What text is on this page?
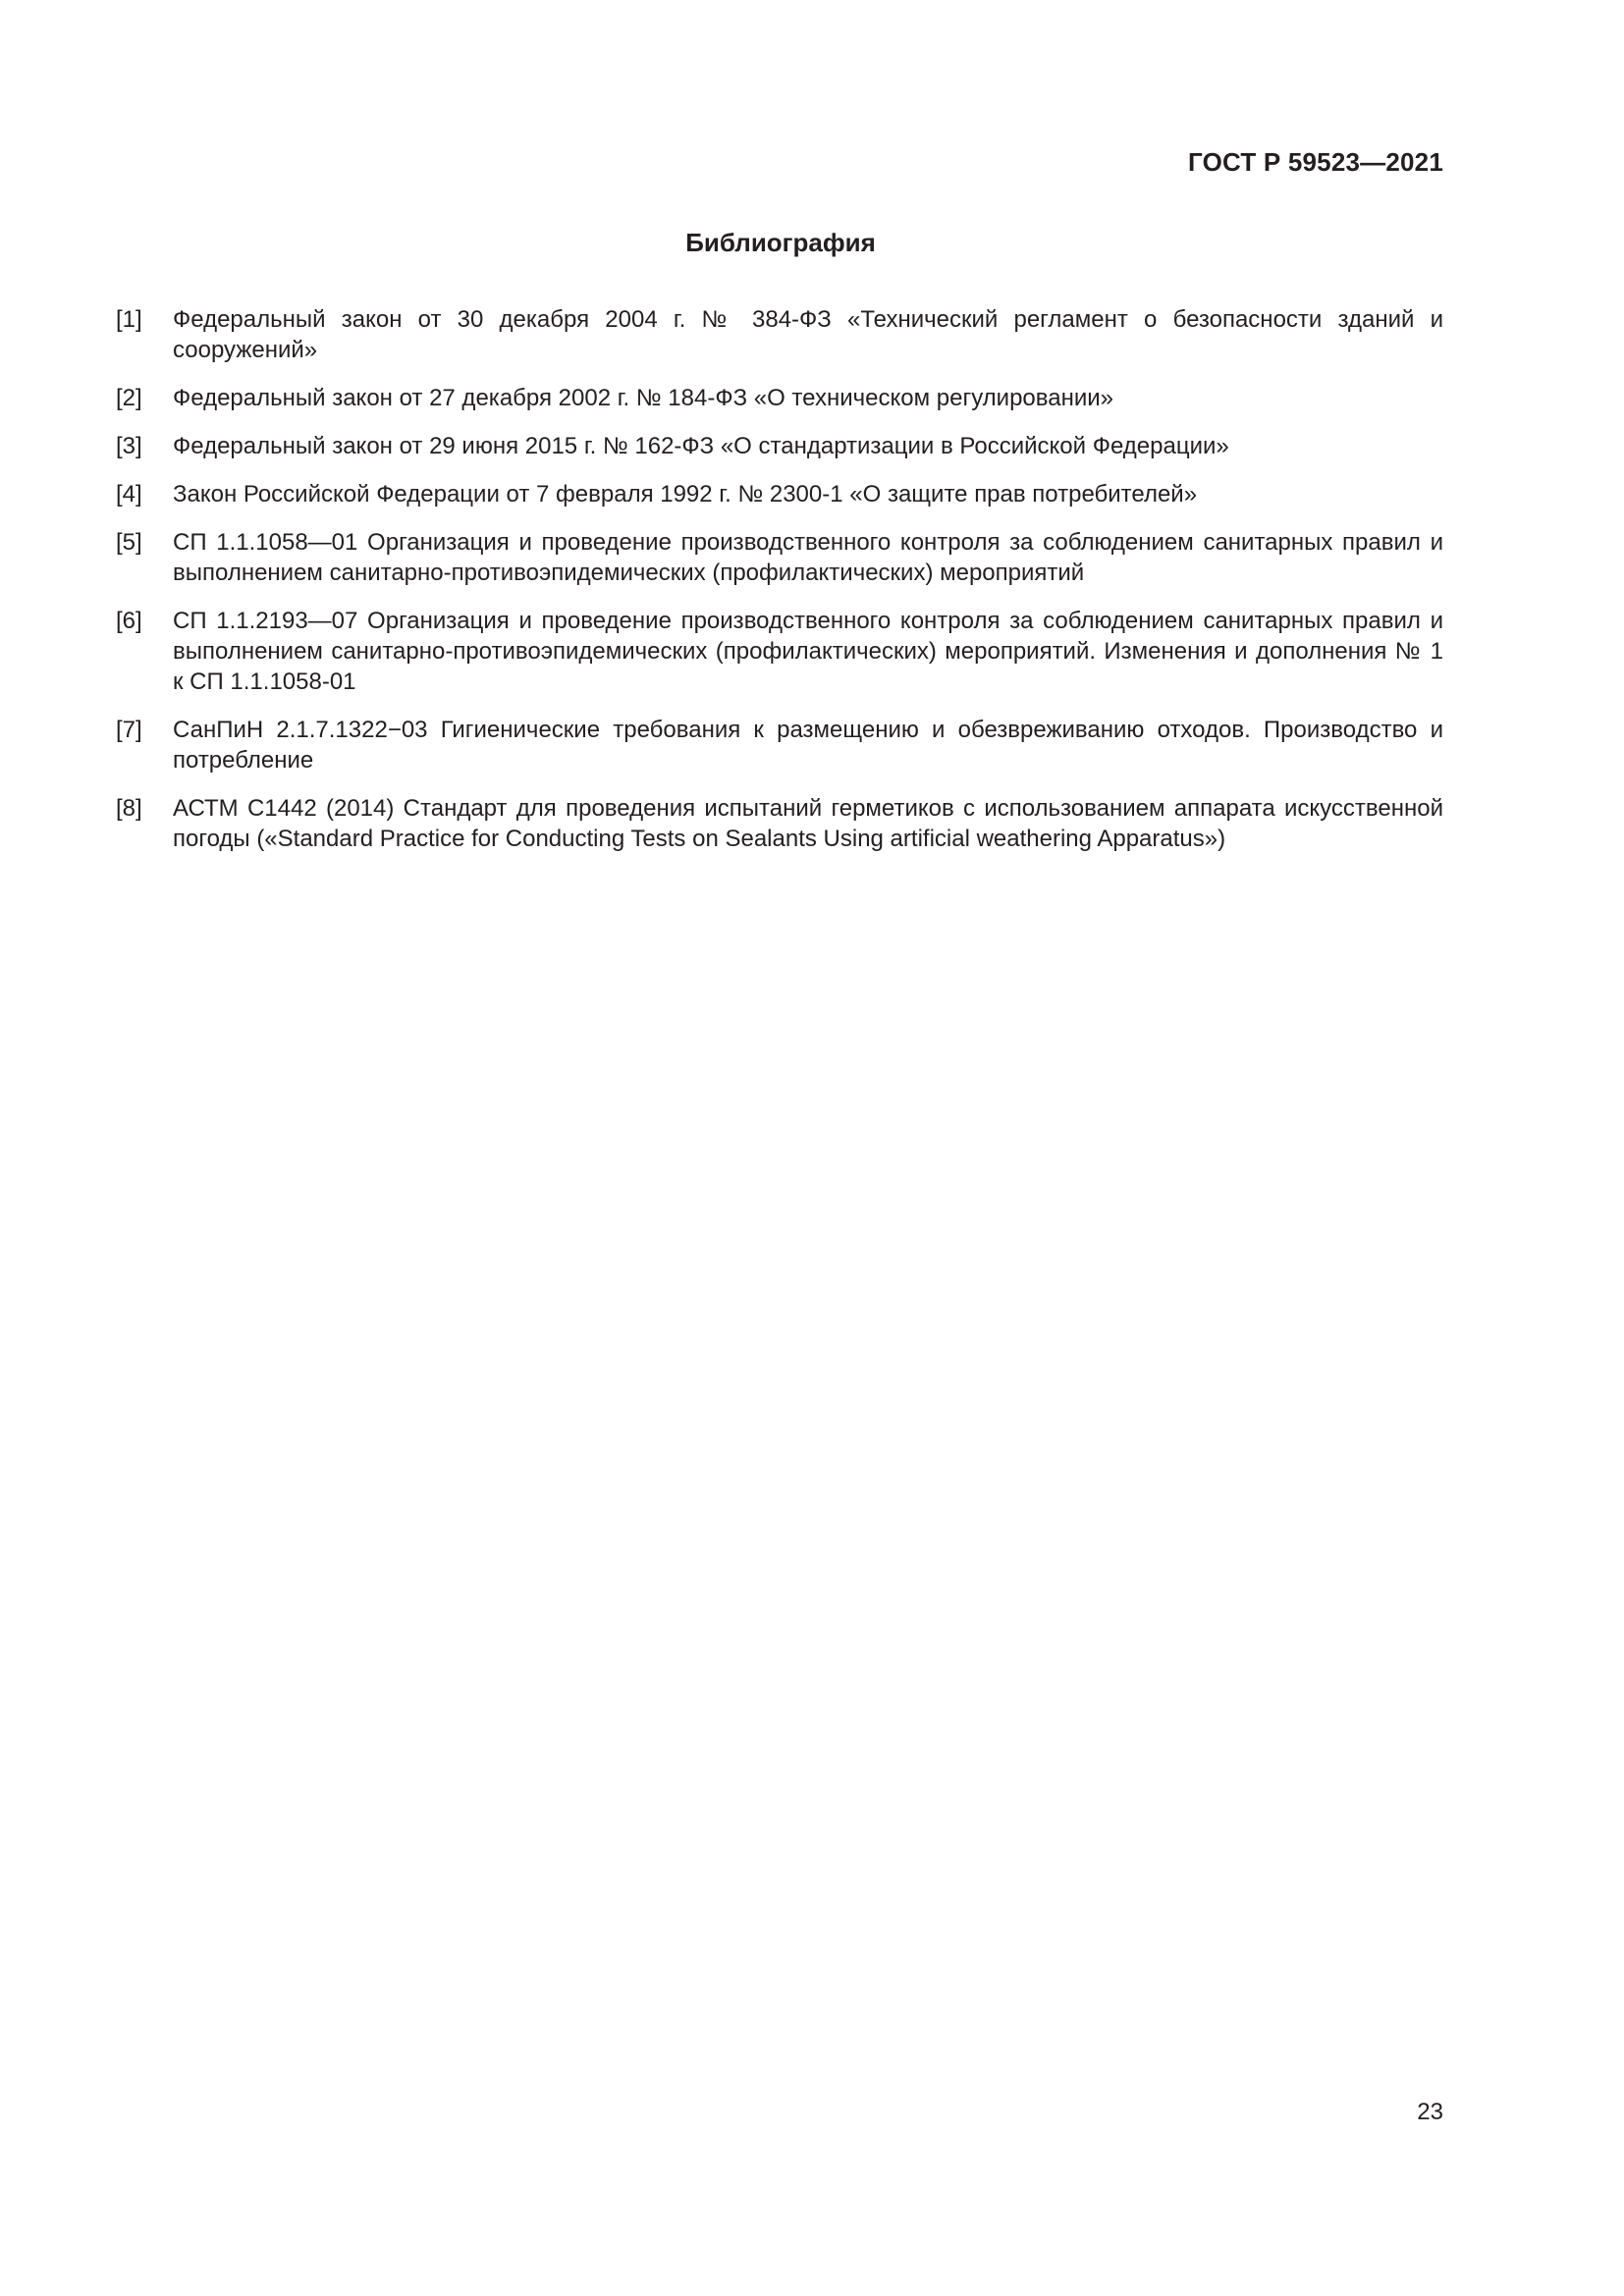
ГОСТ Р 59523—2021
Библиография
[1]	Федеральный закон от 30 декабря 2004 г. № 384-ФЗ «Технический регламент о безопасности зданий и сооружений»
[2]	Федеральный закон от 27 декабря 2002 г. № 184-ФЗ «О техническом регулировании»
[3]	Федеральный закон от 29 июня 2015 г. № 162-ФЗ «О стандартизации в Российской Федерации»
[4]	Закон Российской Федерации от 7 февраля 1992 г. № 2300-1 «О защите прав потребителей»
[5]	СП 1.1.1058—01 Организация и проведение производственного контроля за соблюдением санитарных правил и выполнением санитарно-противоэпидемических (профилактических) мероприятий
[6]	СП 1.1.2193—07 Организация и проведение производственного контроля за соблюдением санитарных правил и выполнением санитарно-противоэпидемических (профилактических) мероприятий. Изменения и дополнения № 1 к СП 1.1.1058-01
[7]	СанПиН 2.1.7.1322−03 Гигиенические требования к размещению и обезвреживанию отходов. Производство и потребление
[8]	АСТМ С1442 (2014) Стандарт для проведения испытаний герметиков с использованием аппарата искусственной погоды («Standard Practice for Conducting Tests on Sealants Using artificial weathering Apparatus»)
23
